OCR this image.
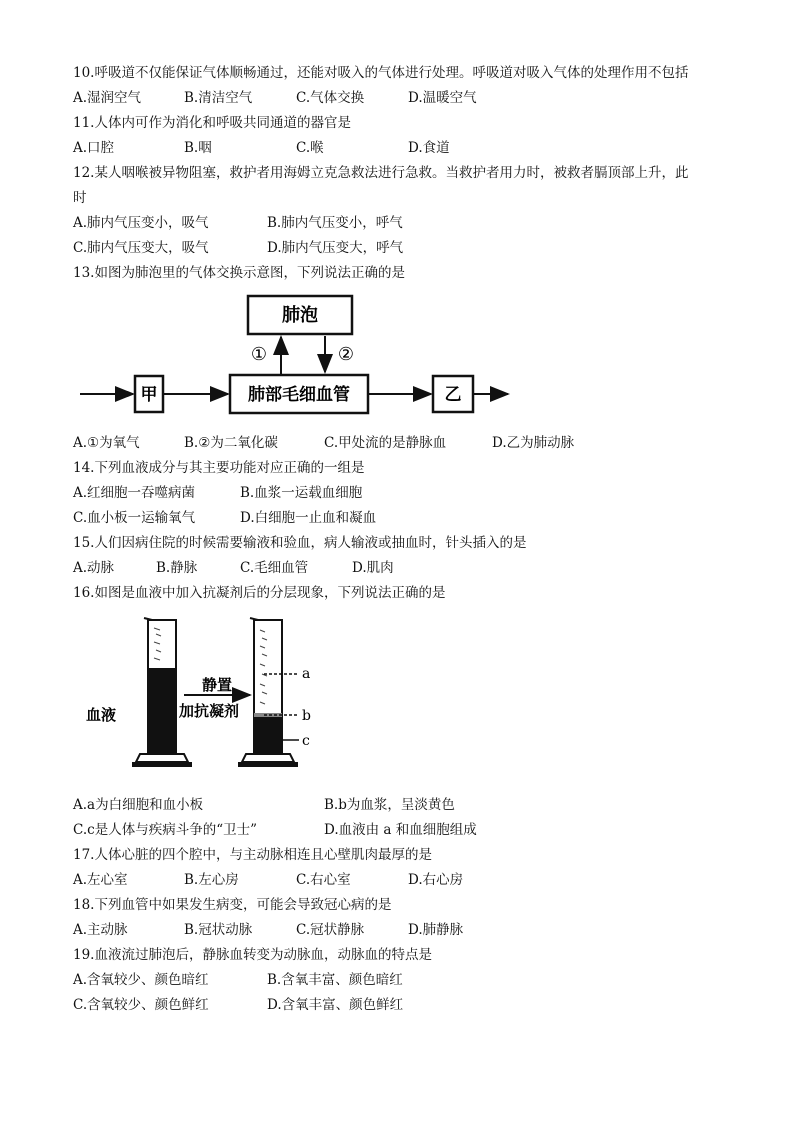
10.呼吸道不仅能保证气体顺畅通过，还能对吸入的气体进行处理。呼吸道对吸入气体的处理作用不包括
A.湿润空气	B.清洁空气	C.气体交换	D.温暖空气
11.人体内可作为消化和呼吸共同通道的器官是
A.口腔	B.咽	C.喉	D.食道
12.某人咽喉被异物阻塞，救护者用海姆立克急救法进行急救。当救护者用力时，被救者膈顶部上升，此
时
A.肺内气压变小，吸气	B.肺内气压变小，呼气
C.肺内气压变大，吸气	D.肺内气压变大，呼气
13.如图为肺泡里的气体交换示意图，下列说法正确的是
肺泡
肺部毛细血管
甲	乙
①	②
A.①为氧气	B.②为二氧化碳	C.甲处流的是静脉血	D.乙为肺动脉
14.下列血液成分与其主要功能对应正确的一组是
A.红细胞一吞噬病菌	B.血浆一运载血细胞
C.血小板一运输氧气	D.白细胞一止血和凝血
15.人们因病住院的时候需要输液和验血，病人输液或抽血时，针头插入的是
A.动脉	B.静脉	C.毛细血管	D.肌肉
16.如图是血液中加入抗凝剂后的分层现象，下列说法正确的是
静置
加抗凝剂
血液
a
b
c
A.a为白细胞和血小板	B.b为血浆，呈淡黄色
C.c是人体与疾病斗争的“卫士”	D.血液由 a 和血细胞组成
17.人体心脏的四个腔中，与主动脉相连且心壁肌肉最厚的是
A.左心室	B.左心房	C.右心室	D.右心房
18.下列血管中如果发生病变，可能会导致冠心病的是
A.主动脉	B.冠状动脉	C.冠状静脉	D.肺静脉
19.血液流过肺泡后，静脉血转变为动脉血，动脉血的特点是
A.含氧较少、颜色暗红	B.含氧丰富、颜色暗红
C.含氧较少、颜色鲜红	D.含氧丰富、颜色鲜红
